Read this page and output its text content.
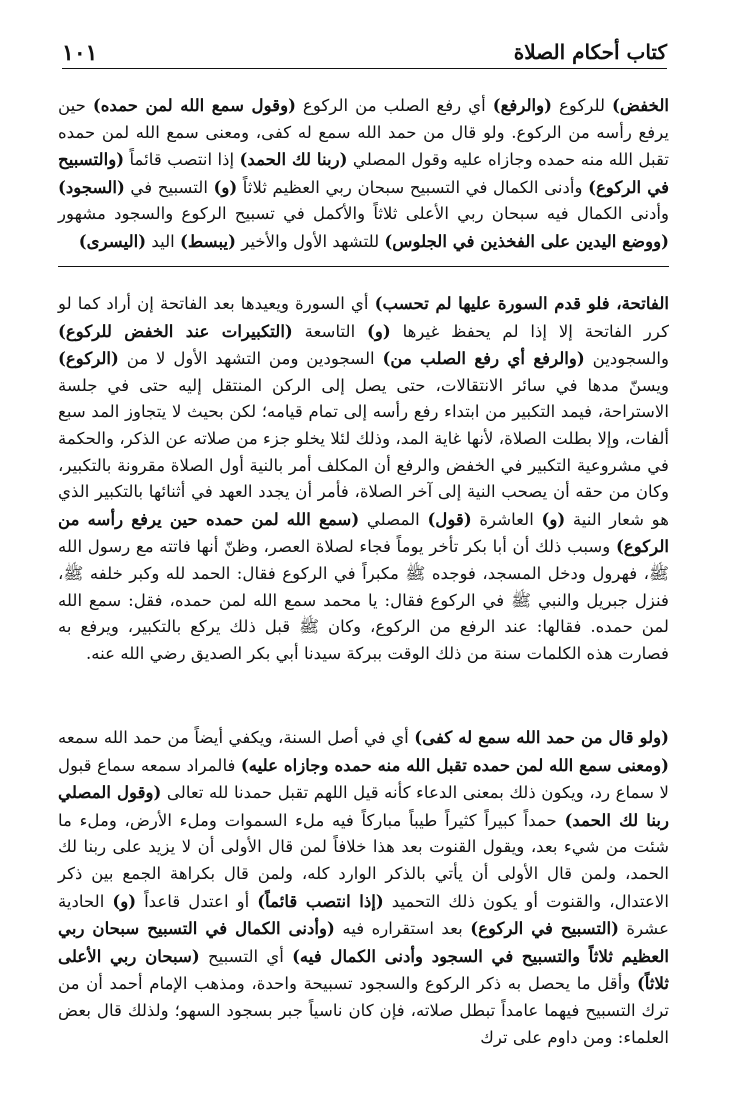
كتاب أحكام الصلاة
١٠١

الخفض) للركوع (والرفع) أي رفع الصلب من الركوع (وقول سمع الله لمن حمده) حين يرفع رأسه من الركوع. ولو قال من حمد الله سمع له كفى، ومعنى سمع الله لمن حمده تقبل الله منه حمده وجازاه عليه وقول المصلي (ربنا لك الحمد) إذا انتصب قائماً (والتسبيح في الركوع) وأدنى الكمال في التسبيح سبحان ربي العظيم ثلاثاً (و) التسبيح في (السجود) وأدنى الكمال فيه سبحان ربي الأعلى ثلاثاً والأكمل في تسبيح الركوع والسجود مشهور (ووضع اليدين على الفخذين في الجلوس) للتشهد الأول والأخير (يبسط) اليد (اليسرى)

الفاتحة، فلو قدم السورة عليها لم تحسب) أي السورة ويعيدها بعد الفاتحة إن أراد كما لو كرر الفاتحة إلا إذا لم يحفظ غيرها (و) التاسعة (التكبيرات عند الخفض للركوع) والسجودين (والرفع أي رفع الصلب من) السجودين ومن التشهد الأول لا من (الركوع) ويسنّ مدها في سائر الانتقالات، حتى يصل إلى الركن المنتقل إليه حتى في جلسة الاستراحة، فيمد التكبير من ابتداء رفع رأسه إلى تمام قيامه؛ لكن بحيث لا يتجاوز المد سبع ألفات، وإلا بطلت الصلاة، لأنها غاية المد، وذلك لئلا يخلو جزء من صلاته عن الذكر، والحكمة في مشروعية التكبير في الخفض والرفع أن المكلف أمر بالنية أول الصلاة مقرونة بالتكبير، وكان من حقه أن يصحب النية إلى آخر الصلاة، فأمر أن يجدد العهد في أثنائها بالتكبير الذي هو شعار النية (و) العاشرة (قول) المصلي (سمع الله لمن حمده حين يرفع رأسه من الركوع) وسبب ذلك أن أبا بكر تأخر يوماً فجاء لصلاة العصر، وظنّ أنها فاتته مع رسول الله ﷺ، فهرول ودخل المسجد، فوجده ﷺ مكبراً في الركوع فقال: الحمد لله وكبر خلفه ﷺ، فنزل جبريل والنبي ﷺ في الركوع فقال: يا محمد سمع الله لمن حمده، فقل: سمع الله لمن حمده. فقالها: عند الرفع من الركوع، وكان ﷺ قبل ذلك يركع بالتكبير، ويرفع به فصارت هذه الكلمات سنة من ذلك الوقت ببركة سيدنا أبي بكر الصديق رضي الله عنه.

(ولو قال من حمد الله سمع له كفى) أي في أصل السنة، ويكفي أيضاً من حمد الله سمعه (ومعنى سمع الله لمن حمده تقبل الله منه حمده وجازاه عليه) فالمراد سمعه سماع قبول لا سماع رد، ويكون ذلك بمعنى الدعاء كأنه قيل اللهم تقبل حمدنا لله تعالى (وقول المصلي ربنا لك الحمد) حمداً كبيراً كثيراً طيباً مباركاً فيه ملء السموات وملء الأرض، وملء ما شئت من شيء بعد، ويقول القنوت بعد هذا خلافاً لمن قال الأولى أن لا يزيد على ربنا لك الحمد، ولمن قال الأولى أن يأتي بالذكر الوارد كله، ولمن قال بكراهة الجمع بين ذكر الاعتدال، والقنوت أو يكون ذلك التحميد (إذا انتصب قائماً) أو اعتدل قاعداً (و) الحادية عشرة (التسبيح في الركوع) بعد استقراره فيه (وأدنى الكمال في التسبيح سبحان ربي العظيم ثلاثاً والتسبيح في السجود وأدنى الكمال فيه) أي التسبيح (سبحان ربي الأعلى ثلاثاً) وأقل ما يحصل به ذكر الركوع والسجود تسبيحة واحدة، ومذهب الإمام أحمد أن من ترك التسبيح فيهما عامداً تبطل صلاته، فإن كان ناسياً جبر بسجود السهو؛ ولذلك قال بعض العلماء: ومن داوم على ترك
